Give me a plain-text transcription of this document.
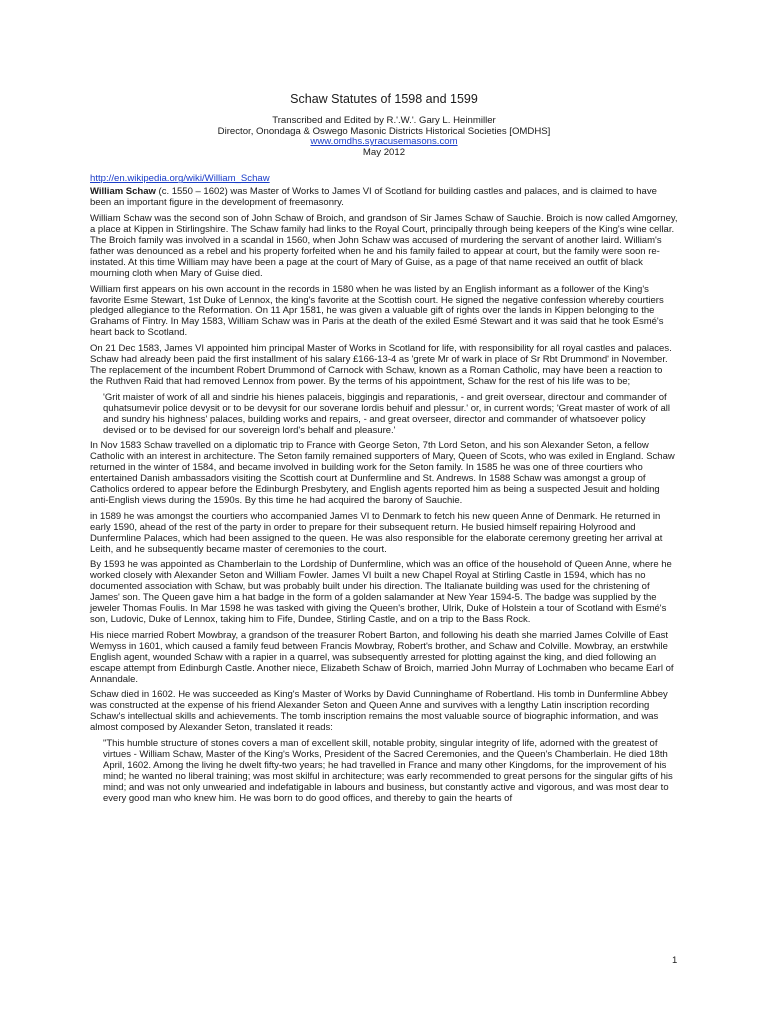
Schaw Statutes of 1598 and 1599
Transcribed and Edited by R.'.W.'. Gary L. Heinmiller
Director, Onondaga & Oswego Masonic Districts Historical Societies [OMDHS]
www.omdhs.syracusemasons.com
May 2012
http://en.wikipedia.org/wiki/William_Schaw

William Schaw (c. 1550 – 1602) was Master of Works to James VI of Scotland for building castles and palaces, and is claimed to have been an important figure in the development of freemasonry.

William Schaw was the second son of John Schaw of Broich, and grandson of Sir James Schaw of Sauchie. Broich is now called Amgorney, a place at Kippen in Stirlingshire. The Schaw family had links to the Royal Court, principally through being keepers of the King's wine cellar. The Broich family was involved in a scandal in 1560, when John Schaw was accused of murdering the servant of another laird. William's father was denounced as a rebel and his property forfeited when he and his family failed to appear at court, but the family were soon re-instated. At this time William may have been a page at the court of Mary of Guise, as a page of that name received an outfit of black mourning cloth when Mary of Guise died.

William first appears on his own account in the records in 1580 when he was listed by an English informant as a follower of the King's favorite Esme Stewart, 1st Duke of Lennox, the king's favorite at the Scottish court. He signed the negative confession whereby courtiers pledged allegiance to the Reformation. On 11 Apr 1581, he was given a valuable gift of rights over the lands in Kippen belonging to the Grahams of Fintry. In May 1583, William Schaw was in Paris at the death of the exiled Esmé Stewart and it was said that he took Esmé's heart back to Scotland.

On 21 Dec 1583, James VI appointed him principal Master of Works in Scotland for life, with responsibility for all royal castles and palaces. Schaw had already been paid the first installment of his salary £166-13-4 as 'grete Mr of wark in place of Sr Rbt Drummond' in November. The replacement of the incumbent Robert Drummond of Carnock with Schaw, known as a Roman Catholic, may have been a reaction to the Ruthven Raid that had removed Lennox from power. By the terms of his appointment, Schaw for the rest of his life was to be;

'Grit maister of work of all and sindrie his hienes palaceis, biggingis and reparationis, - and greit oversear, directour and commander of quhatsumevir police devysit or to be devysit for our soverane lordis behuif and plessur.' or, in current words; 'Great master of work of all and sundry his highness' palaces, building works and repairs, - and great overseer, director and commander of whatsoever policy devised or to be devised for our sovereign lord's behalf and pleasure.'

In Nov 1583 Schaw travelled on a diplomatic trip to France with George Seton, 7th Lord Seton, and his son Alexander Seton, a fellow Catholic with an interest in architecture. The Seton family remained supporters of Mary, Queen of Scots, who was exiled in England. Schaw returned in the winter of 1584, and became involved in building work for the Seton family. In 1585 he was one of three courtiers who entertained Danish ambassadors visiting the Scottish court at Dunfermline and St. Andrews. In 1588 Schaw was amongst a group of Catholics ordered to appear before the Edinburgh Presbytery, and English agents reported him as being a suspected Jesuit and holding anti-English views during the 1590s. By this time he had acquired the barony of Sauchie.

in 1589 he was amongst the courtiers who accompanied James VI to Denmark to fetch his new queen Anne of Denmark. He returned in early 1590, ahead of the rest of the party in order to prepare for their subsequent return. He busied himself repairing Holyrood and Dunfermline Palaces, which had been assigned to the queen. He was also responsible for the elaborate ceremony greeting her arrival at Leith, and he subsequently became master of ceremonies to the court.

By 1593 he was appointed as Chamberlain to the Lordship of Dunfermline, which was an office of the household of Queen Anne, where he worked closely with Alexander Seton and William Fowler. James VI built a new Chapel Royal at Stirling Castle in 1594, which has no documented association with Schaw, but was probably built under his direction. The Italianate building was used for the christening of James' son. The Queen gave him a hat badge in the form of a golden salamander at New Year 1594-5. The badge was supplied by the jeweler Thomas Foulis. In Mar 1598 he was tasked with giving the Queen's brother, Ulrik, Duke of Holstein a tour of Scotland with Esmé's son, Ludovic, Duke of Lennox, taking him to Fife, Dundee, Stirling Castle, and on a trip to the Bass Rock.

His niece married Robert Mowbray, a grandson of the treasurer Robert Barton, and following his death she married James Colville of East Wemyss in 1601, which caused a family feud between Francis Mowbray, Robert's brother, and Schaw and Colville. Mowbray, an erstwhile English agent, wounded Schaw with a rapier in a quarrel, was subsequently arrested for plotting against the king, and died following an escape attempt from Edinburgh Castle. Another niece, Elizabeth Schaw of Broich, married John Murray of Lochmaben who became Earl of Annandale.

Schaw died in 1602. He was succeeded as King's Master of Works by David Cunninghame of Robertland. His tomb in Dunfermline Abbey was constructed at the expense of his friend Alexander Seton and Queen Anne and survives with a lengthy Latin inscription recording Schaw's intellectual skills and achievements. The tomb inscription remains the most valuable source of biographic information, and was almost composed by Alexander Seton, translated it reads:

"This humble structure of stones covers a man of excellent skill, notable probity, singular integrity of life, adorned with the greatest of virtues - William Schaw, Master of the King's Works, President of the Sacred Ceremonies, and the Queen's Chamberlain. He died 18th April, 1602. Among the living he dwelt fifty-two years; he had travelled in France and many other Kingdoms, for the improvement of his mind; he wanted no liberal training; was most skilful in architecture; was early recommended to great persons for the singular gifts of his mind; and was not only unwearied and indefatigable in labours and business, but constantly active and vigorous, and was most dear to every good man who knew him. He was born to do good offices, and thereby to gain the hearts of

1
